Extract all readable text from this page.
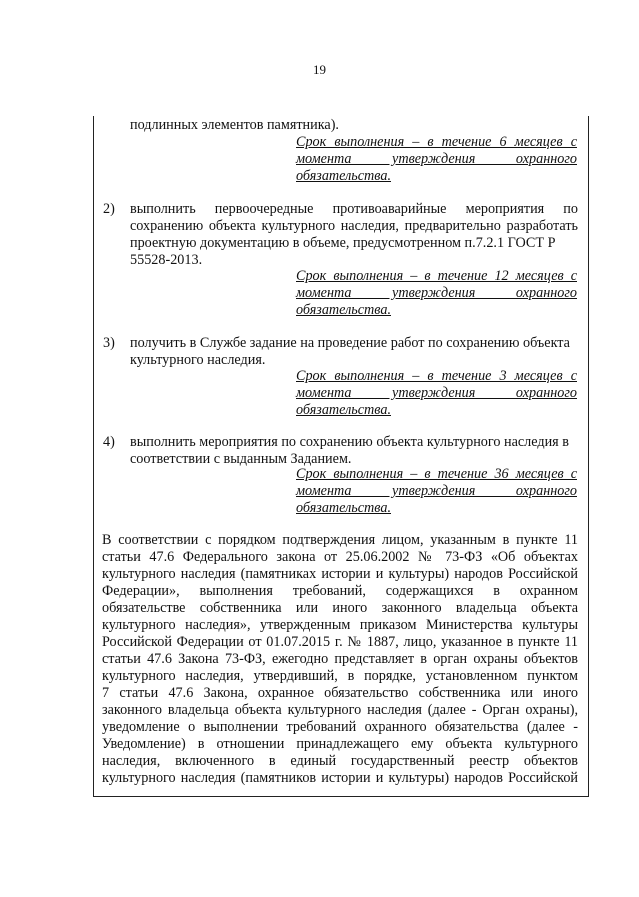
19
подлинных элементов памятника).
Срок выполнения – в течение 6 месяцев с
момента утверждения охранного
обязательства.
2) выполнить первоочередные противоаварийные мероприятия по
сохранению объекта культурного наследия, предварительно разработать
проектную документацию в объеме, предусмотренном п.7.2.1 ГОСТ Р
55528-2013.
Срок выполнения – в течение 12 месяцев с
момента утверждения охранного
обязательства.
3) получить в Службе задание на проведение работ по сохранению объекта
культурного наследия.
Срок выполнения – в течение 3 месяцев с
момента утверждения охранного
обязательства.
4) выполнить мероприятия по сохранению объекта культурного наследия в
соответствии с выданным Заданием.
Срок выполнения – в течение 36 месяцев с
момента утверждения охранного
обязательства.
В соответствии с порядком подтверждения лицом, указанным в пункте 11
статьи 47.6 Федерального закона от 25.06.2002 № 73-ФЗ «Об объектах
культурного наследия (памятниках истории и культуры) народов Российской
Федерации», выполнения требований, содержащихся в охранном
обязательстве собственника или иного законного владельца объекта
культурного наследия», утвержденным приказом Министерства культуры
Российской Федерации от 01.07.2015 г. № 1887, лицо, указанное в пункте 11
статьи 47.6 Закона 73-ФЗ, ежегодно представляет в орган охраны объектов
культурного наследия, утвердивший, в порядке, установленном пунктом
7 статьи 47.6 Закона, охранное обязательство собственника или иного
законного владельца объекта культурного наследия (далее - Орган охраны),
уведомление о выполнении требований охранного обязательства (далее -
Уведомление) в отношении принадлежащего ему объекта культурного
наследия, включенного в единый государственный реестр объектов
культурного наследия (памятников истории и культуры) народов Российской
